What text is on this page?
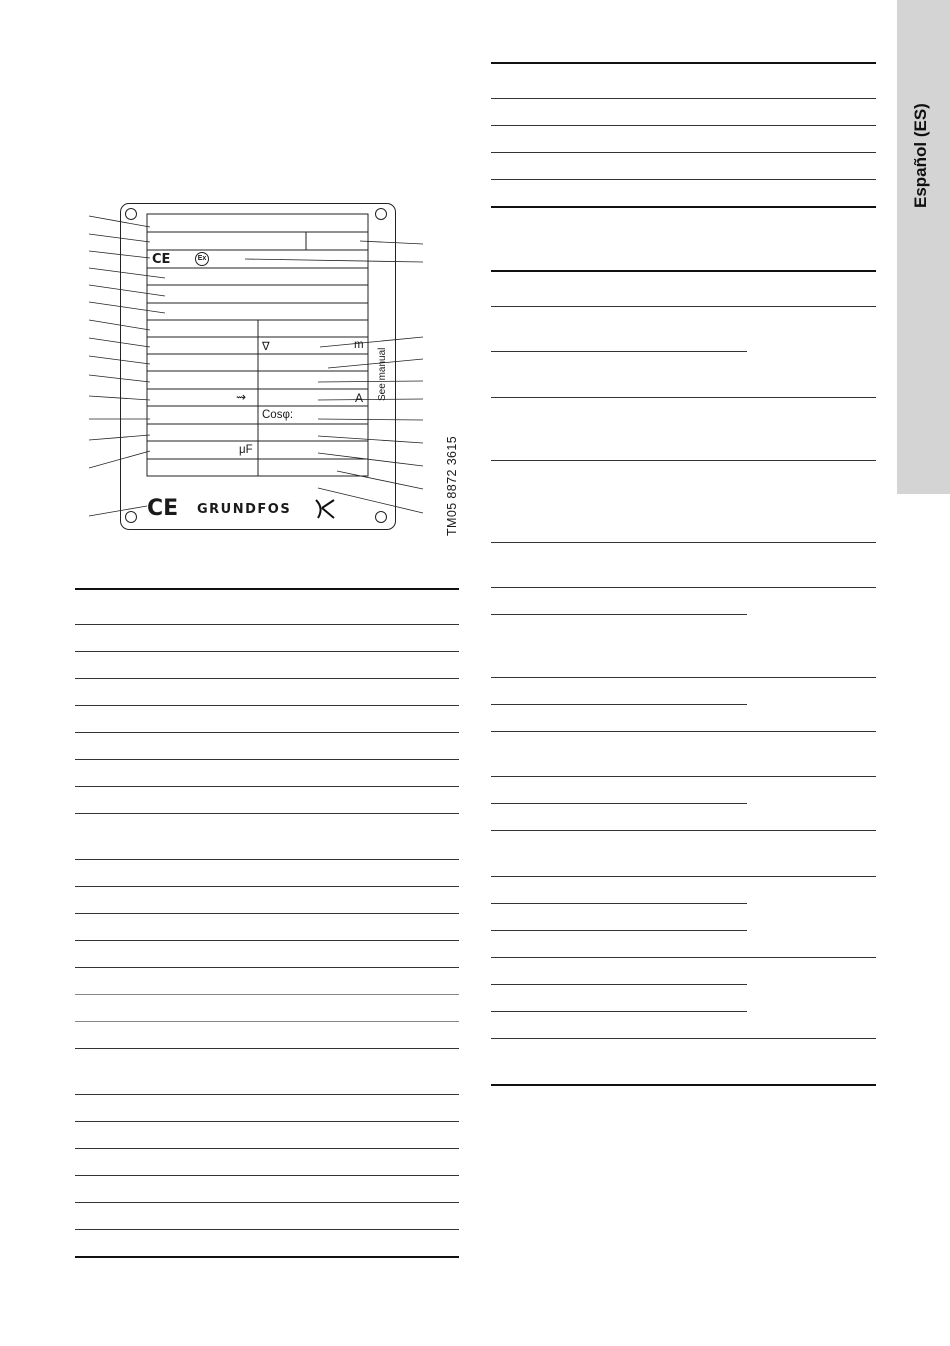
Español (ES)
CE	Ex
∇	m
A
⇝
Cosφ:
μF
See manual
CE GRUNDFOS	TM05 8872 3615
